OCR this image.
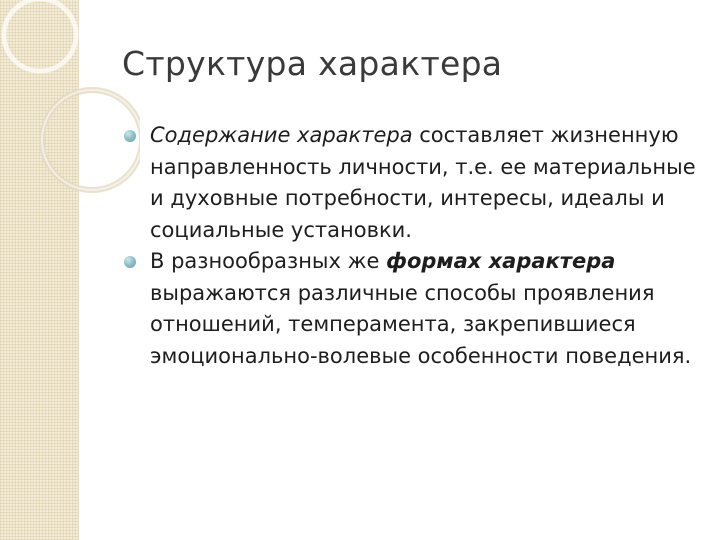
Структура характера
Содержание характера составляет жизненную направленность личности, т.е. ее материальные и духовные потребности, интересы, идеалы и социальные установки.
В разнообразных же формах характера выражаются различные способы проявления отношений, темперамента, закрепившиеся эмоционально-волевые особенности поведения.
